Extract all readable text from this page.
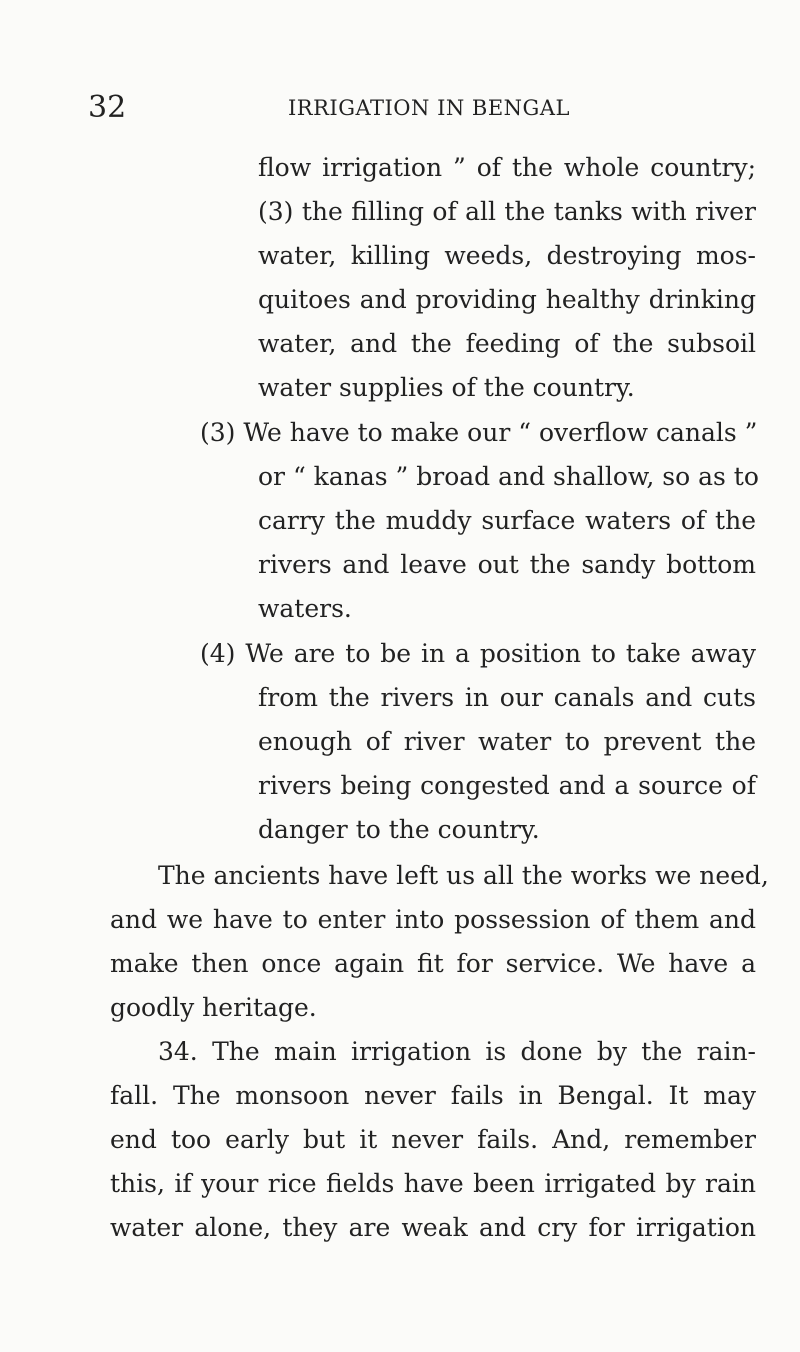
32	IRRIGATION IN BENGAL
flow irrigation ” of the whole country;
(3) the filling of all the tanks with river
water, killing weeds, destroying mos-
quitoes and providing healthy drinking
water, and the feeding of the subsoil
water supplies of the country.
(3) We have to make our “ overflow canals ”
or “ kanas ” broad and shallow, so as to
carry the muddy surface waters of the
rivers and leave out the sandy bottom
waters.
(4) We are to be in a position to take away
from the rivers in our canals and cuts
enough of river water to prevent the
rivers being congested and a source of
danger to the country.
The ancients have left us all the works we need,
and we have to enter into possession of them and
make then once again fit for service. We have a
goodly heritage.
34. The main irrigation is done by the rain-
fall. The monsoon never fails in Bengal. It may
end too early but it never fails. And, remember
this, if your rice fields have been irrigated by rain
water alone, they are weak and cry for irrigation
